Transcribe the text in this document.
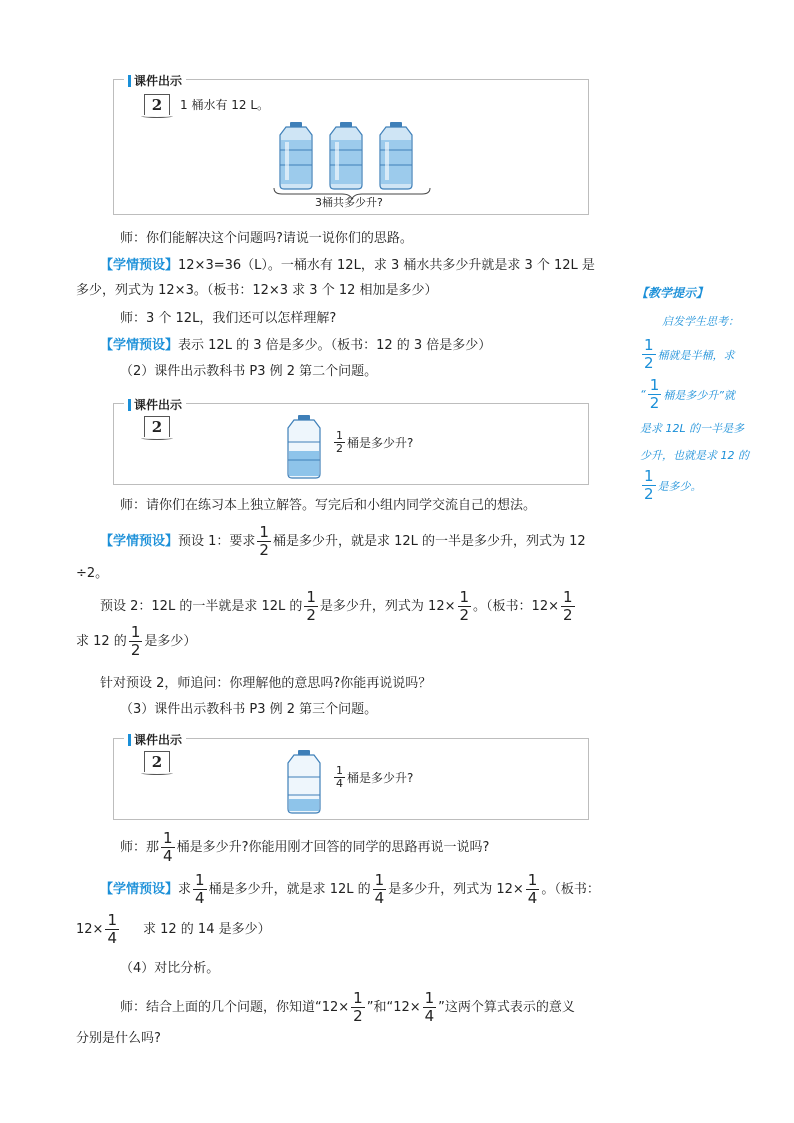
课件出示
2	1 桶水有 12 L。
3桶共多少升?
师：你们能解决这个问题吗?请说一说你们的思路。
【学情预设】12×3=36（L）。一桶水有 12L，求 3 桶水共多少升就是求 3 个 12L 是
多少，列式为 12×3。（板书：12×3 求 3 个 12 相加是多少）
师：3 个 12L，我们还可以怎样理解?
【学情预设】表示 12L 的 3 倍是多少。（板书：12 的 3 倍是多少）
（2）课件出示教科书 P3 例 2 第二个问题。
课件出示
2
$\frac{1}{2}$ 桶是多少升?
师：请你们在练习本上独立解答。写完后和小组内同学交流自己的想法。
【学情预设】预设 1：要求 $\frac{1}{2}$ 桶是多少升，就是求 12L 的一半是多少升，列式为 12
÷2。
预设 2：12L 的一半就是求 12L 的 $\frac{1}{2}$ 是多少升，列式为 $12\times \frac{1}{2}$ 。（板书：$12\times \frac{1}{2}$
求 12 的 $\frac{1}{2}$ 是多少）
针对预设 2，师追问：你理解他的意思吗?你能再说说吗？
（3）课件出示教科书 P3 例 2 第三个问题。
课件出示
2
$\frac{1}{4}$ 桶是多少升?
师：那 $\frac{1}{4}$ 桶是多少升?你能用刚才回答的同学的思路再说一说吗?
【学情预设】求 $\frac{1}{4}$ 桶是多少升，就是求 12L 的 $\frac{1}{4}$ 是多少升，列式为 $12\times \frac{1}{4}$ 。（板书：
$12\times \frac{1}{4}$ 求 12 的 14 是多少）
（4）对比分析。
师：结合上面的几个问题，你知道“$12\times \frac{1}{2}$ ”和“$12\times \frac{1}{4}$ ”这两个算式表示的意义
分别是什么吗?
【教学提示】
启发学生思考：
$\frac{1}{2}$ 桶就是半桶，求
“ $\frac{1}{2}$ 桶是多少升”就
是求 12L 的一半是多
少升，也就是求 12 的
$\frac{1}{2}$ 是多少。
